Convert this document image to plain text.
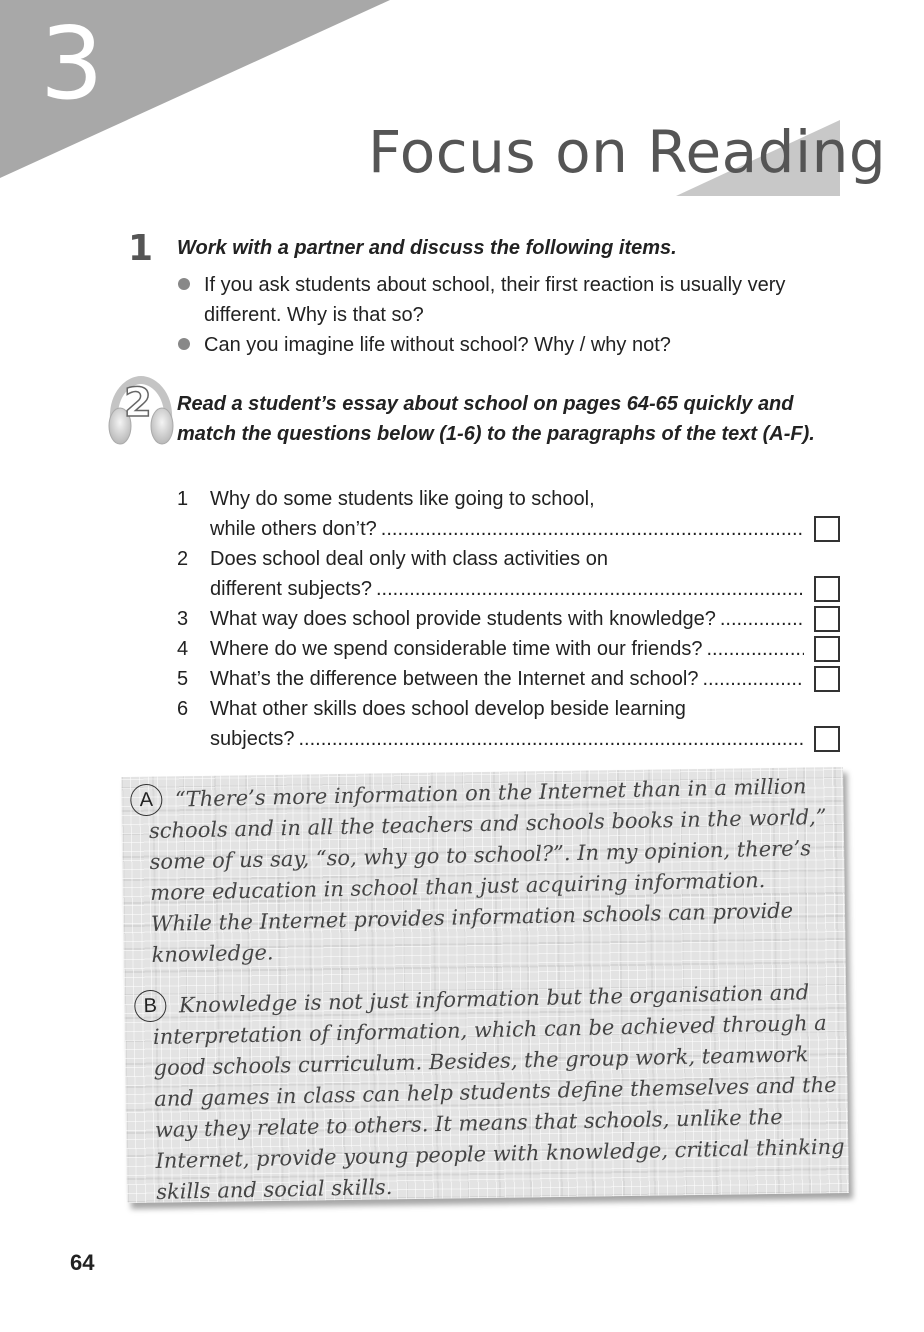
3
Focus on Reading
1 Work with a partner and discuss the following items.

If you ask students about school, their first reaction is usually very different. Why is that so?
Can you imagine life without school? Why / why not?
2 Read a student’s essay about school on pages 64-65 quickly and match the questions below (1-6) to the paragraphs of the text (A-F).

1	Why do some students like going to school,
while others don’t?
.....
2	Does school deal only with class activities on
different subjects?
.....
3	What way does school provide students with knowledge?
.....
4	Where do we spend considerable time with our friends?
.....
5	What’s the difference between the Internet and school?
.....
6	What other skills does school develop beside learning
subjects?
.....

A “There’s more information on the Internet than in a million schools and in all the teachers and schools books in the world,” some of us say, “so, why go to school?”. In my opinion, there’s more education in school than just acquiring information. While the Internet provides information schools can provide knowledge.

B Knowledge is not just information but the organisation and interpretation of information, which can be achieved through a good schools curriculum. Besides, the group work, teamwork and games in class can help students define themselves and the way they relate to others. It means that schools, unlike the Internet, provide young people with knowledge, critical thinking skills and social skills.

64
